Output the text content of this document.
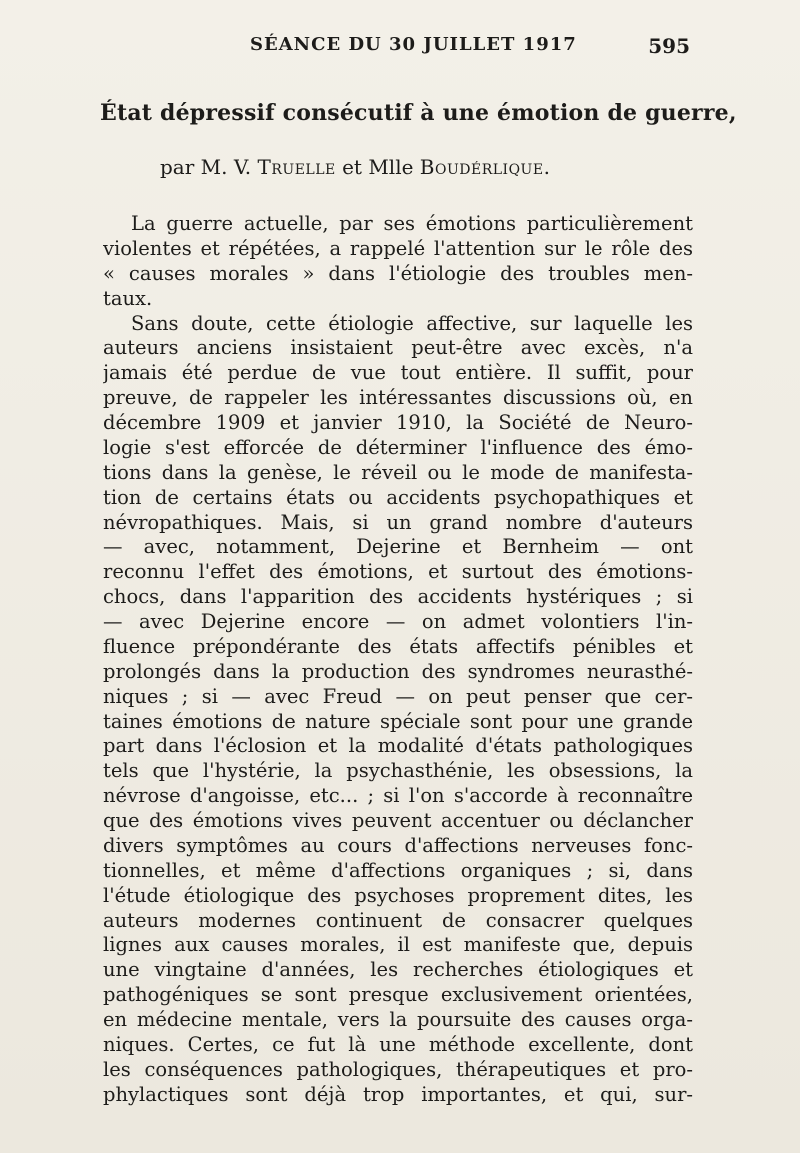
SÉANCE DU 30 JUILLET 1917	595
État dépressif consécutif à une émotion de guerre,
par M. V. Truelle et Mlle Boudérlique.
La guerre actuelle, par ses émotions particulièrement
violentes et répétées, a rappelé l'attention sur le rôle des
« causes morales » dans l'étiologie des troubles men-
taux.
Sans doute, cette étiologie affective, sur laquelle les
auteurs anciens insistaient peut-être avec excès, n'a
jamais été perdue de vue tout entière. Il suffit, pour
preuve, de rappeler les intéressantes discussions où, en
décembre 1909 et janvier 1910, la Société de Neuro-
logie s'est efforcée de déterminer l'influence des émo-
tions dans la genèse, le réveil ou le mode de manifesta-
tion de certains états ou accidents psychopathiques et
névropathiques. Mais, si un grand nombre d'auteurs
— avec, notamment, Dejerine et Bernheim — ont
reconnu l'effet des émotions, et surtout des émotions-
chocs, dans l'apparition des accidents hystériques ; si
— avec Dejerine encore — on admet volontiers l'in-
fluence prépondérante des états affectifs pénibles et
prolongés dans la production des syndromes neurasthé-
niques ; si — avec Freud — on peut penser que cer-
taines émotions de nature spéciale sont pour une grande
part dans l'éclosion et la modalité d'états pathologiques
tels que l'hystérie, la psychasthénie, les obsessions, la
névrose d'angoisse, etc... ; si l'on s'accorde à reconnaître
que des émotions vives peuvent accentuer ou déclancher
divers symptômes au cours d'affections nerveuses fonc-
tionnelles, et même d'affections organiques ; si, dans
l'étude étiologique des psychoses proprement dites, les
auteurs modernes continuent de consacrer quelques
lignes aux causes morales, il est manifeste que, depuis
une vingtaine d'années, les recherches étiologiques et
pathogéniques se sont presque exclusivement orientées,
en médecine mentale, vers la poursuite des causes orga-
niques. Certes, ce fut là une méthode excellente, dont
les conséquences pathologiques, thérapeutiques et pro-
phylactiques sont déjà trop importantes, et qui, sur-
